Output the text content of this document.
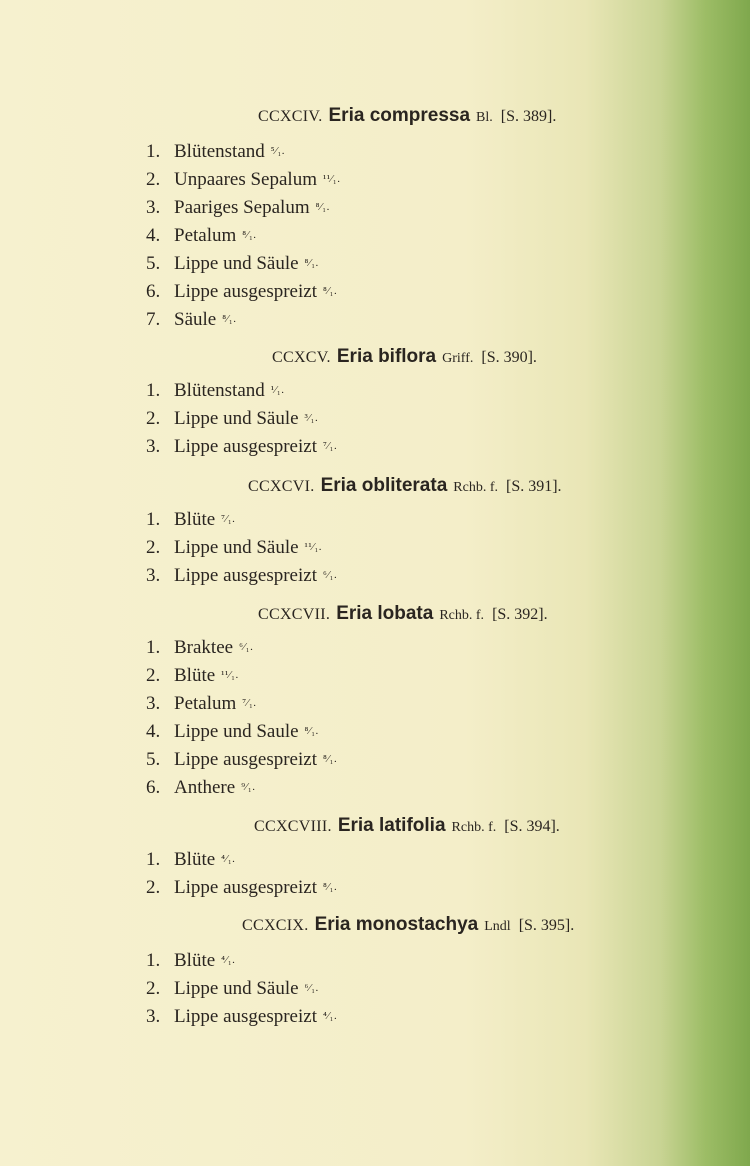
CCXCIV. Eria compressa Bl. [S. 389].
1. Blütenstand ⁵⁄₁.
2. Unpaares Sepalum ¹¹⁄₁.
3. Paariges Sepalum ⁸⁄₁.
4. Petalum ⁸⁄₁.
5. Lippe und Säule ⁸⁄₁.
6. Lippe ausgespreizt ⁸⁄₁.
7. Säule ⁸⁄₁.
CCXCV. Eria biflora Griff. [S. 390].
1. Blütenstand ¹⁄₁.
2. Lippe und Säule ³⁄₁.
3. Lippe ausgespreizt ⁷⁄₁.
CCXCVI. Eria obliterata Rchb. f. [S. 391].
1. Blüte ⁷⁄₁.
2. Lippe und Säule ¹¹⁄₁.
3. Lippe ausgespreizt ⁶⁄₁.
CCXCVII. Eria lobata Rchb. f. [S. 392].
1. Braktee ⁶⁄₁.
2. Blüte ¹¹⁄₁.
3. Petalum ⁷⁄₁.
4. Lippe und Saule ⁸⁄₁.
5. Lippe ausgespreizt ⁸⁄₁.
6. Anthere ⁹⁄₁.
CCXCVIII. Eria latifolia Rchb. f. [S. 394].
1. Blüte ⁴⁄₁.
2. Lippe ausgespreizt ⁸⁄₁.
CCXCIX. Eria monostachya Lndl [S. 395].
1. Blüte ⁴⁄₁.
2. Lippe und Säule ⁶⁄₁.
3. Lippe ausgespreizt ⁴⁄₁.
